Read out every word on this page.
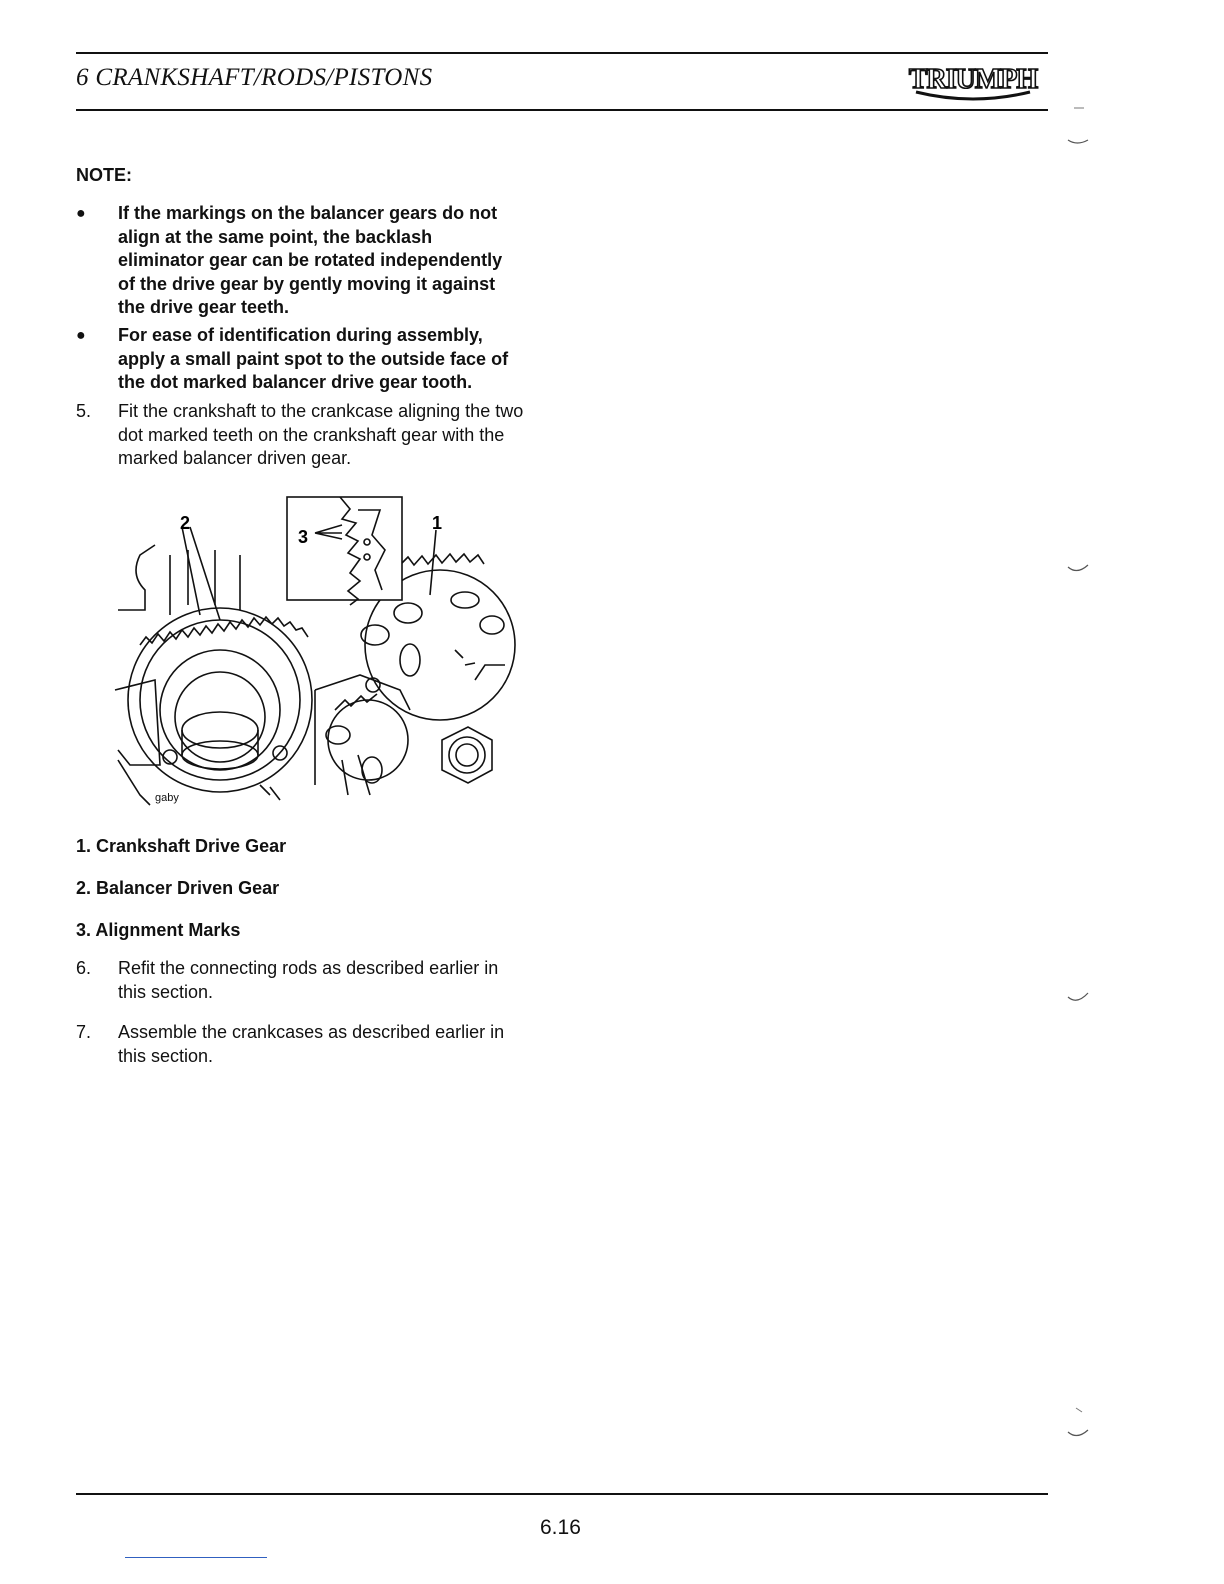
6 CRANKSHAFT/RODS/PISTONS	TRIUMPH
NOTE:
● If the markings on the balancer gears do not
align at the same point, the backlash
eliminator gear can be rotated independently
of the drive gear by gently moving it against
the drive gear teeth.
● For ease of identification during assembly,
apply a small paint spot to the outside face of
the dot marked balancer drive gear tooth.
5. Fit the crankshaft to the crankcase aligning the two
dot marked teeth on the crankshaft gear with the
marked balancer driven gear.
2	1
3
gaby
1. Crankshaft Drive Gear
2. Balancer Driven Gear
3. Alignment Marks
6. Refit the connecting rods as described earlier in
this section.
7. Assemble the crankcases as described earlier in
this section.
6.16
